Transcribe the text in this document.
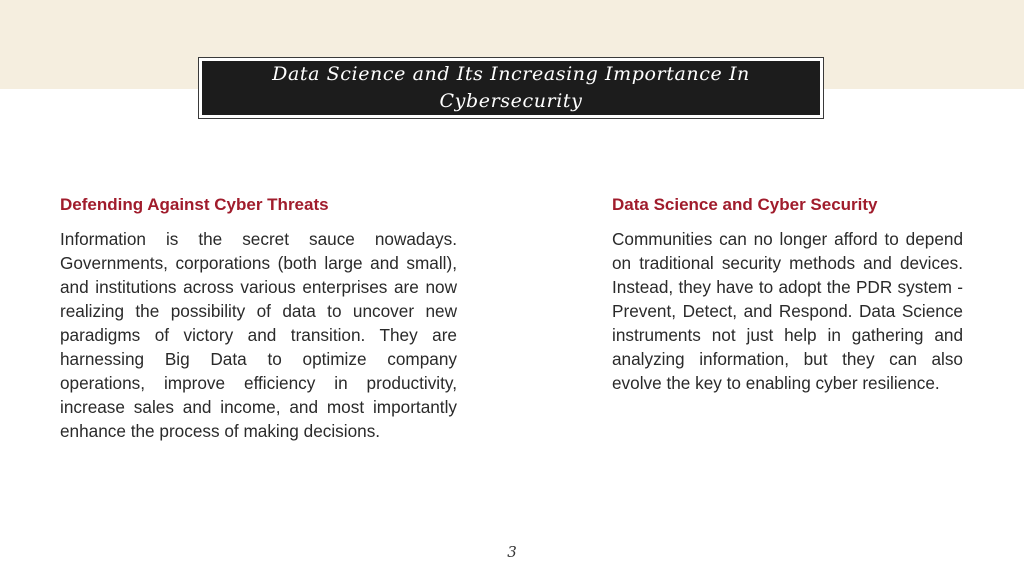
Data Science and Its Increasing Importance In Cybersecurity
Defending Against Cyber Threats

Information is the secret sauce nowadays. Governments, corporations (both large and small), and institutions across various enterprises are now realizing the possibility of data to uncover new paradigms of victory and transition. They are harnessing Big Data to optimize company operations, improve efficiency in productivity, increase sales and income, and most importantly enhance the process of making decisions.

Data Science and Cyber Security

Communities can no longer afford to depend on traditional security methods and devices. Instead, they have to adopt the PDR system - Prevent, Detect, and Respond. Data Science instruments not just help in gathering and analyzing information, but they can also evolve the key to enabling cyber resilience.

3
